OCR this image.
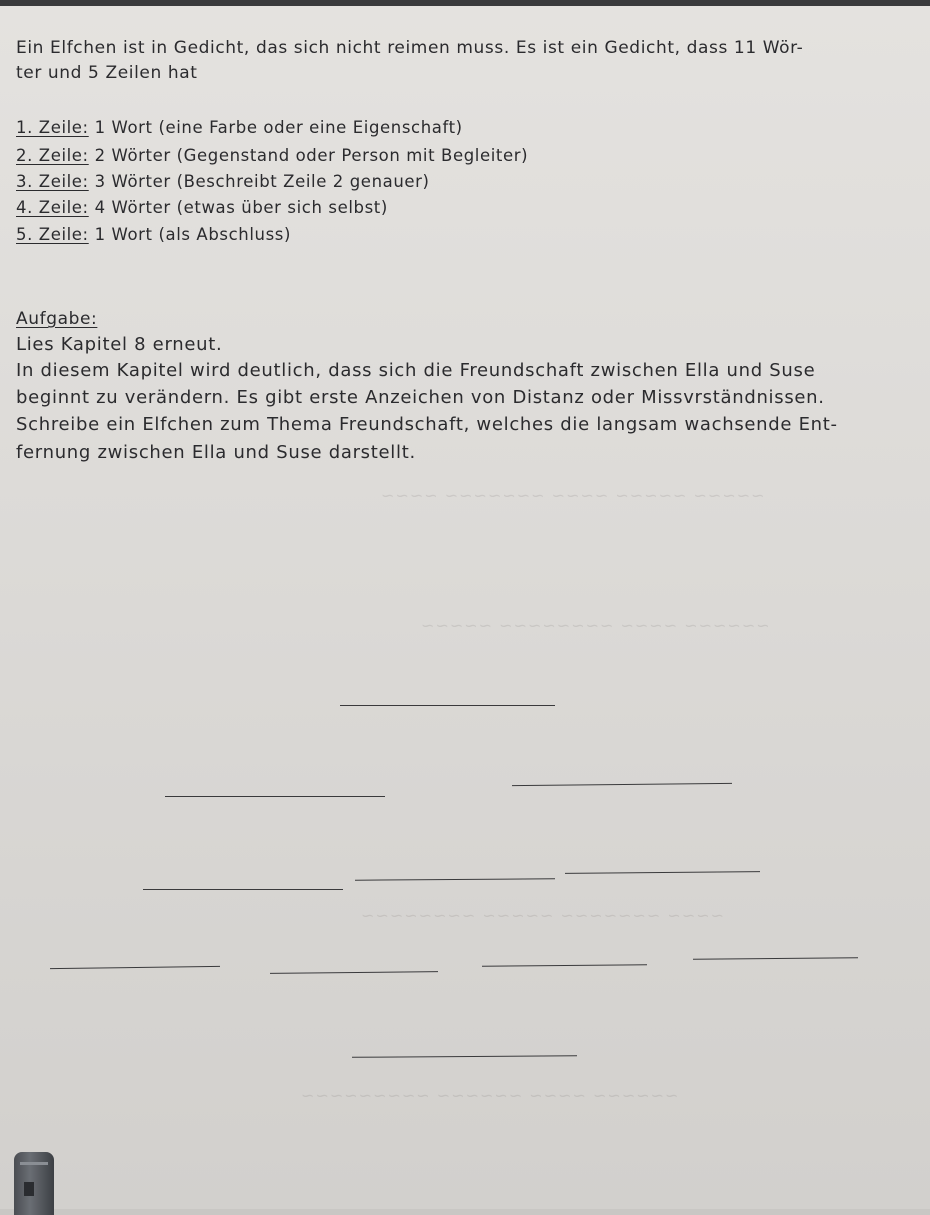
~~~~~ ~~~~~ ~~~~ ~~~~~~~ ~~~~
~~~~~~ ~~~~ ~~~~~~~~ ~~~~~
~~~~ ~~~~~~~ ~~~~~ ~~~~~~~~
~~~~~~ ~~~~ ~~~~~~ ~~~~~~~~~
Ein Elfchen ist in Gedicht, das sich nicht reimen muss. Es ist ein Gedicht, dass 11 Wör-
ter und 5 Zeilen hat
1. Zeile: 1 Wort (eine Farbe oder eine Eigenschaft)
2. Zeile: 2 Wörter (Gegenstand oder Person mit Begleiter)
3. Zeile: 3 Wörter (Beschreibt Zeile 2 genauer)
4. Zeile: 4 Wörter (etwas über sich selbst)
5. Zeile: 1 Wort (als Abschluss)
Aufgabe:
Lies Kapitel 8 erneut.
In diesem Kapitel wird deutlich, dass sich die Freundschaft zwischen Ella und Suse
beginnt zu verändern. Es gibt erste Anzeichen von Distanz oder Missvrständnissen.
Schreibe ein Elfchen zum Thema Freundschaft, welches die langsam wachsende Ent-
fernung zwischen Ella und Suse darstellt.
